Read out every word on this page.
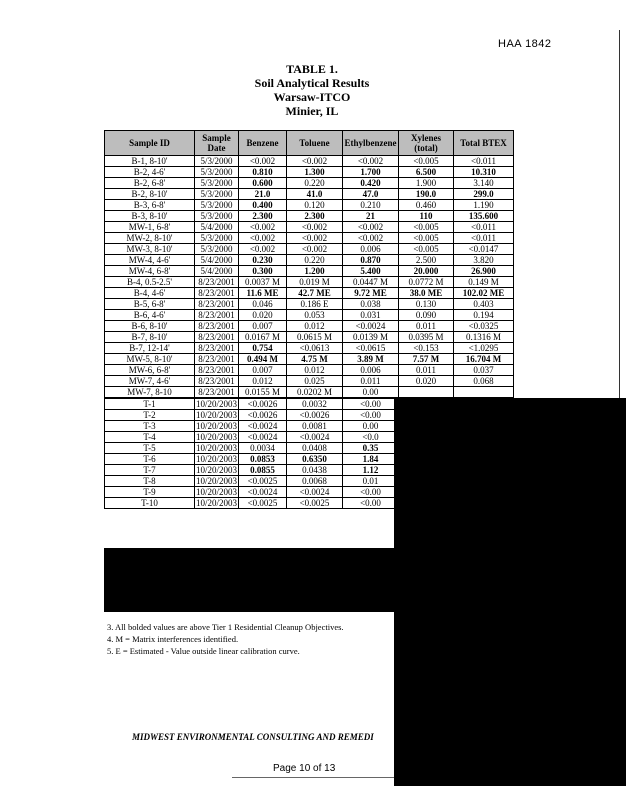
HAA 1842
TABLE 1.
Soil Analytical Results
Warsaw-ITCO
Minier, IL
Sample ID	Sample Date	Benzene	Toluene	Ethylbenzene	Xylenes (total)	Total BTEX
B-1, 8-10'	5/3/2000	<0.002	<0.002	<0.002	<0.005	<0.011
B-2, 4-6'	5/3/2000	0.810	1.300	1.700	6.500	10.310
B-2, 6-8'	5/3/2000	0.600	0.220	0.420	1.900	3.140
B-2, 8-10'	5/3/2000	21.0	41.0	47.0	190.0	299.0
B-3, 6-8'	5/3/2000	0.400	0.120	0.210	0.460	1.190
B-3, 8-10'	5/3/2000	2.300	2.300	21	110	135.600
MW-1, 6-8'	5/4/2000	<0.002	<0.002	<0.002	<0.005	<0.011
MW-2, 8-10'	5/3/2000	<0.002	<0.002	<0.002	<0.005	<0.011
MW-3, 8-10'	5/3/2000	<0.002	<0.002	0.006	<0.005	<0.0147
MW-4, 4-6'	5/4/2000	0.230	0.220	0.870	2.500	3.820
MW-4, 6-8'	5/4/2000	0.300	1.200	5.400	20.000	26.900
B-4, 0.5-2.5'	8/23/2001	0.0037 M	0.019 M	0.0447 M	0.0772 M	0.149 M
B-4, 4-6'	8/23/2001	11.6 ME	42.7 ME	9.72 ME	38.0 ME	102.02 ME
B-5, 6-8'	8/23/2001	0.046	0.186 E	0.038	0.130	0.403
B-6, 4-6'	8/23/2001	0.020	0.053	0.031	0.090	0.194
B-6, 8-10'	8/23/2001	0.007	0.012	<0.0024	0.011	<0.0325
B-7, 8-10'	8/23/2001	0.0167 M	0.0615 M	0.0139 M	0.0395 M	0.1316 M
B-7, 12-14'	8/23/2001	0.754	<0.0613	<0.0615	<0.153	<1.0295
MW-5, 8-10'	8/23/2001	0.494 M	4.75 M	3.89 M	7.57 M	16.704 M
MW-6, 6-8'	8/23/2001	0.007	0.012	0.006	0.011	0.037
MW-7, 4-6'	8/23/2001	0.012	0.025	0.011	0.020	0.068
MW-7, 8-10	8/23/2001	0.0155 M	0.0202 M	0.00		
T-1	10/20/2003	<0.0026	0.0032	<0.00		
T-2	10/20/2003	<0.0026	<0.0026	<0.00		
T-3	10/20/2003	<0.0024	0.0081	0.00		
T-4	10/20/2003	<0.0024	<0.0024	<0.0		
T-5	10/20/2003	0.0034	0.0408	0.35		
T-6	10/20/2003	0.0853	0.6350	1.84		
T-7	10/20/2003	0.0855	0.0438	1.12		
T-8	10/20/2003	<0.0025	0.0068	0.01		
T-9	10/20/2003	<0.0024	<0.0024	<0.00		
T-10	10/20/2003	<0.0025	<0.0025	<0.00		
3. All bolded values are above Tier 1 Residential Cleanup Objectives.
4. M = Matrix interferences identified.
5. E = Estimated - Value outside linear calibration curve.
MIDWEST ENVIRONMENTAL CONSULTING AND REMEDI
Page 10 of 13
